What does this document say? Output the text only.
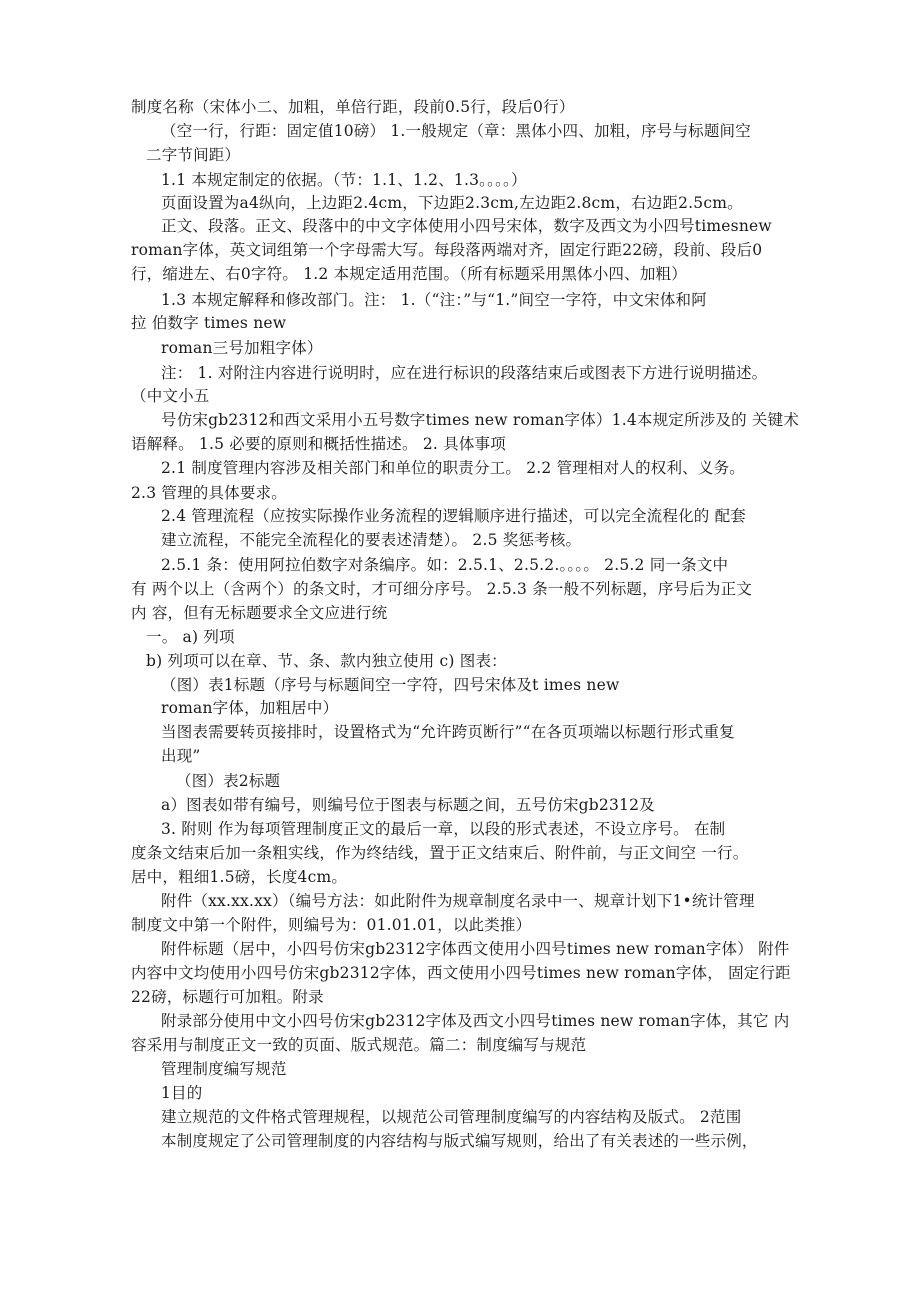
制度名称（宋体小二、加粗，单倍行距，段前0.5行，段后0行）
（空一行，行距：固定值10磅） 1.一般规定（章：黑体小四、加粗，序号与标题间空
二字节间距）
1.1 本规定制定的依据。（节：1.1、1.2、1.3。。。。）
页面设置为a4纵向，上边距2.4cm，下边距2.3cm,左边距2.8cm，右边距2.5cm。
正文、段落。正文、段落中的中文字体使用小四号宋体，数字及西文为小四号timesnew
roman字体，英文词组第一个字母需大写。每段落两端对齐，固定行距22磅，段前、段后0
行，缩进左、右0字符。 1.2 本规定适用范围。（所有标题采用黑体小四、加粗）
1.3 本规定解释和修改部门。注： 1.（“注：”与“1.”间空一字符，中文宋体和阿
拉 伯数字 times new
roman三号加粗字体）
注： 1. 对附注内容进行说明时，应在进行标识的段落结束后或图表下方进行说明描述。
（中文小五
号仿宋gb2312和西文采用小五号数字times new roman字体）1.4本规定所涉及的 关键术
语解释。 1.5 必要的原则和概括性描述。 2. 具体事项
2.1 制度管理内容涉及相关部门和单位的职责分工。 2.2 管理相对人的权利、义务。
2.3 管理的具体要求。
2.4 管理流程（应按实际操作业务流程的逻辑顺序进行描述，可以完全流程化的 配套
建立流程，不能完全流程化的要表述清楚）。 2.5 奖惩考核。
2.5.1 条：使用阿拉伯数字对条编序。如：2.5.1、2.5.2.。。。。 2.5.2 同一条文中
有 两个以上（含两个）的条文时，才可细分序号。 2.5.3 条一般不列标题，序号后为正文
内 容，但有无标题要求全文应进行统
一。 a) 列项
b) 列项可以在章、节、条、款内独立使用 c) 图表：
（图）表1标题（序号与标题间空一字符，四号宋体及t imes new
roman字体，加粗居中）
当图表需要转页接排时，设置格式为“允许跨页断行”“在各页项端以标题行形式重复
出现”
（图）表2标题
a）图表如带有编号，则编号位于图表与标题之间，五号仿宋gb2312及
3. 附则 作为每项管理制度正文的最后一章，以段的形式表述，不设立序号。 在制
度条文结束后加一条粗实线，作为终结线，置于正文结束后、附件前，与正文间空 一行。
居中，粗细1.5磅，长度4cm。
附件（xx.xx.xx）（编号方法：如此附件为规章制度名录中一、规章计划下1•统计管理
制度文中第一个附件，则编号为：01.01.01，以此类推）
附件标题（居中，小四号仿宋gb2312字体西文使用小四号times new roman字体） 附件
内容中文均使用小四号仿宋gb2312字体，西文使用小四号times new roman字体， 固定行距
22磅，标题行可加粗。附录
附录部分使用中文小四号仿宋gb2312字体及西文小四号times new roman字体，其它 内
容采用与制度正文一致的页面、版式规范。篇二：制度编写与规范
管理制度编写规范
1目的
建立规范的文件格式管理规程，以规范公司管理制度编写的内容结构及版式。 2范围
本制度规定了公司管理制度的内容结构与版式编写规则，给出了有关表述的一些示例，
